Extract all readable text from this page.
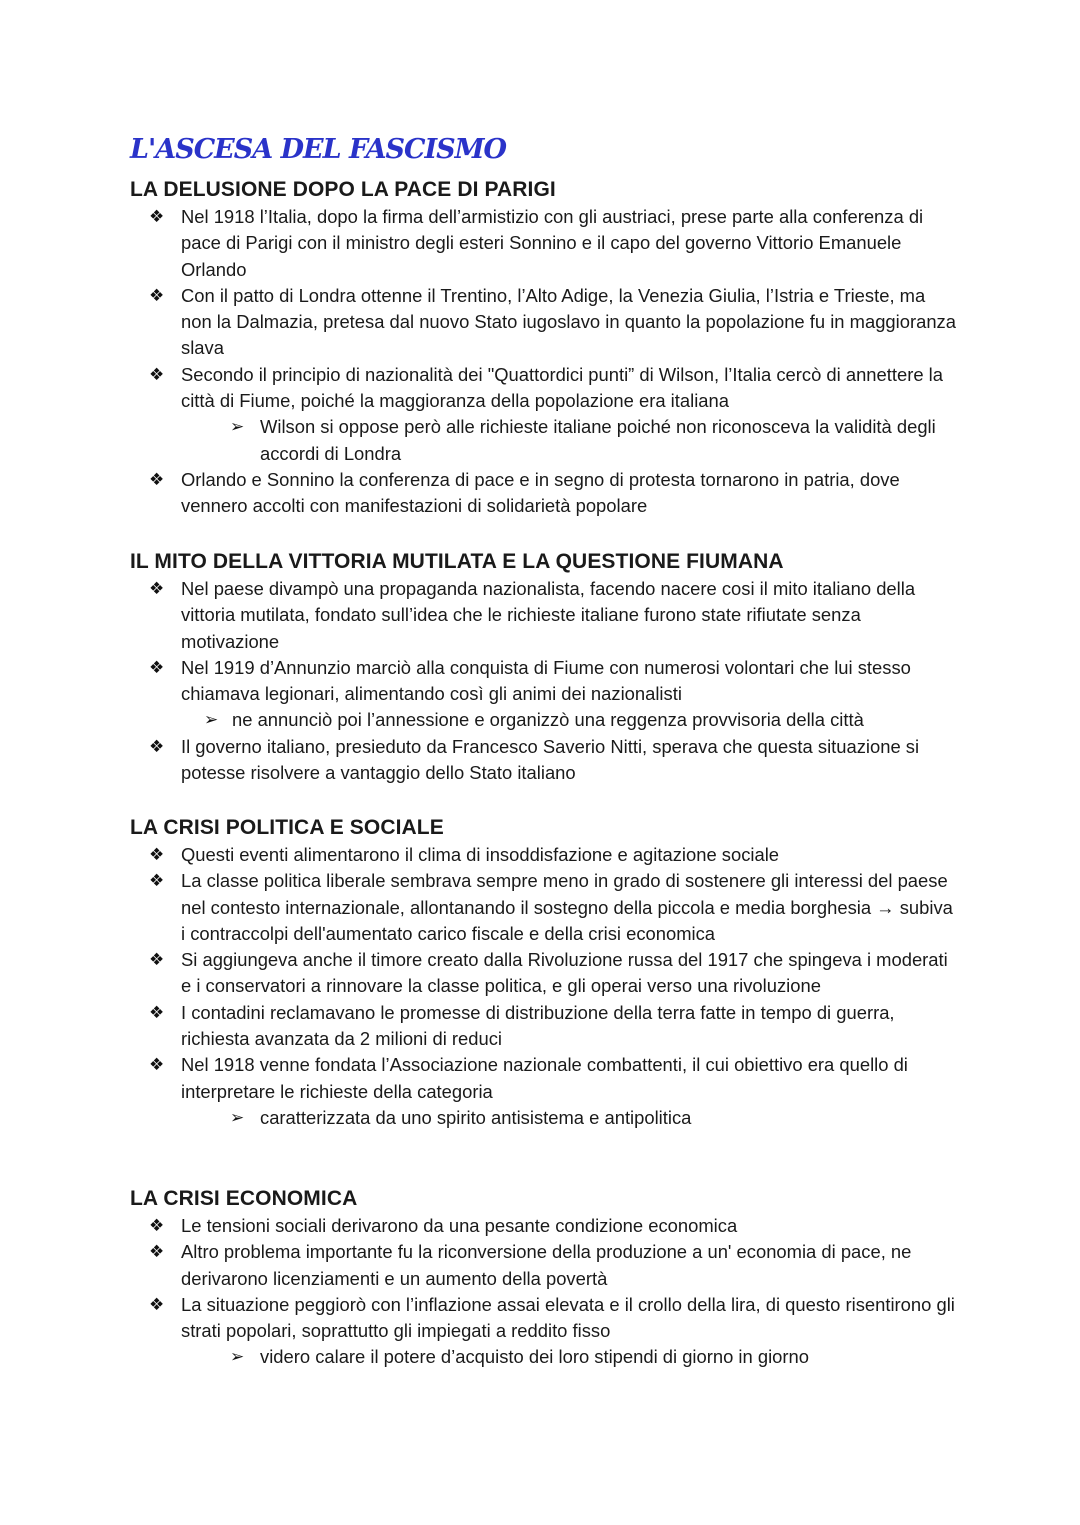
L'ASCESA DEL FASCISMO
LA DELUSIONE DOPO LA PACE DI PARIGI
❖ Nel 1918 l’Italia, dopo la firma dell’armistizio con gli austriaci, prese parte alla conferenza di pace di Parigi con il ministro degli esteri Sonnino e il capo del governo Vittorio Emanuele Orlando
❖ Con il patto di Londra ottenne il Trentino, l’Alto Adige, la Venezia Giulia, l’Istria e Trieste, ma non la Dalmazia, pretesa dal nuovo Stato iugoslavo in quanto la popolazione fu in maggioranza slava
❖ Secondo il principio di nazionalità dei "Quattordici punti” di Wilson, l’Italia cercò di annettere la città di Fiume, poiché la maggioranza della popolazione era italiana
➢ Wilson si oppose però alle richieste italiane poiché non riconosceva la validità degli accordi di Londra
❖ Orlando e Sonnino la conferenza di pace e in segno di protesta tornarono in patria, dove vennero accolti con manifestazioni di solidarietà popolare
IL MITO DELLA VITTORIA MUTILATA E LA QUESTIONE FIUMANA
❖ Nel paese divampò una propaganda nazionalista, facendo nacere cosi il mito italiano della vittoria mutilata, fondato sull’idea che le richieste italiane furono state rifiutate senza motivazione
❖ Nel 1919 d’Annunzio marciò alla conquista di Fiume con numerosi volontari che lui stesso chiamava legionari, alimentando così gli animi dei nazionalisti
➢ ne annunciò poi l’annessione e organizzò una reggenza provvisoria della città
❖ Il governo italiano, presieduto da Francesco Saverio Nitti, sperava che questa situazione si potesse risolvere a vantaggio dello Stato italiano
LA CRISI POLITICA E SOCIALE
❖ Questi eventi alimentarono il clima di insoddisfazione e agitazione sociale
❖ La classe politica liberale sembrava sempre meno in grado di sostenere gli interessi del paese nel contesto internazionale, allontanando il sostegno della piccola e media borghesia → subiva i contraccolpi dell'aumentato carico fiscale e della crisi economica
❖ Si aggiungeva anche il timore creato dalla Rivoluzione russa del 1917 che spingeva i moderati e i conservatori a rinnovare la classe politica, e gli operai verso una rivoluzione
❖ I contadini reclamavano le promesse di distribuzione della terra fatte in tempo di guerra, richiesta avanzata da 2 milioni di reduci
❖ Nel 1918 venne fondata l’Associazione nazionale combattenti, il cui obiettivo era quello di interpretare le richieste della categoria
➢ caratterizzata da uno spirito antisistema e antipolitica
LA CRISI ECONOMICA
❖ Le tensioni sociali derivarono da una pesante condizione economica
❖ Altro problema importante fu la riconversione della produzione a un' economia di pace, ne derivarono licenziamenti e un aumento della povertà
❖ La situazione peggiorò con l’inflazione assai elevata e il crollo della lira, di questo risentirono gli strati popolari, soprattutto gli impiegati a reddito fisso
➢ videro calare il potere d’acquisto dei loro stipendi di giorno in giorno
